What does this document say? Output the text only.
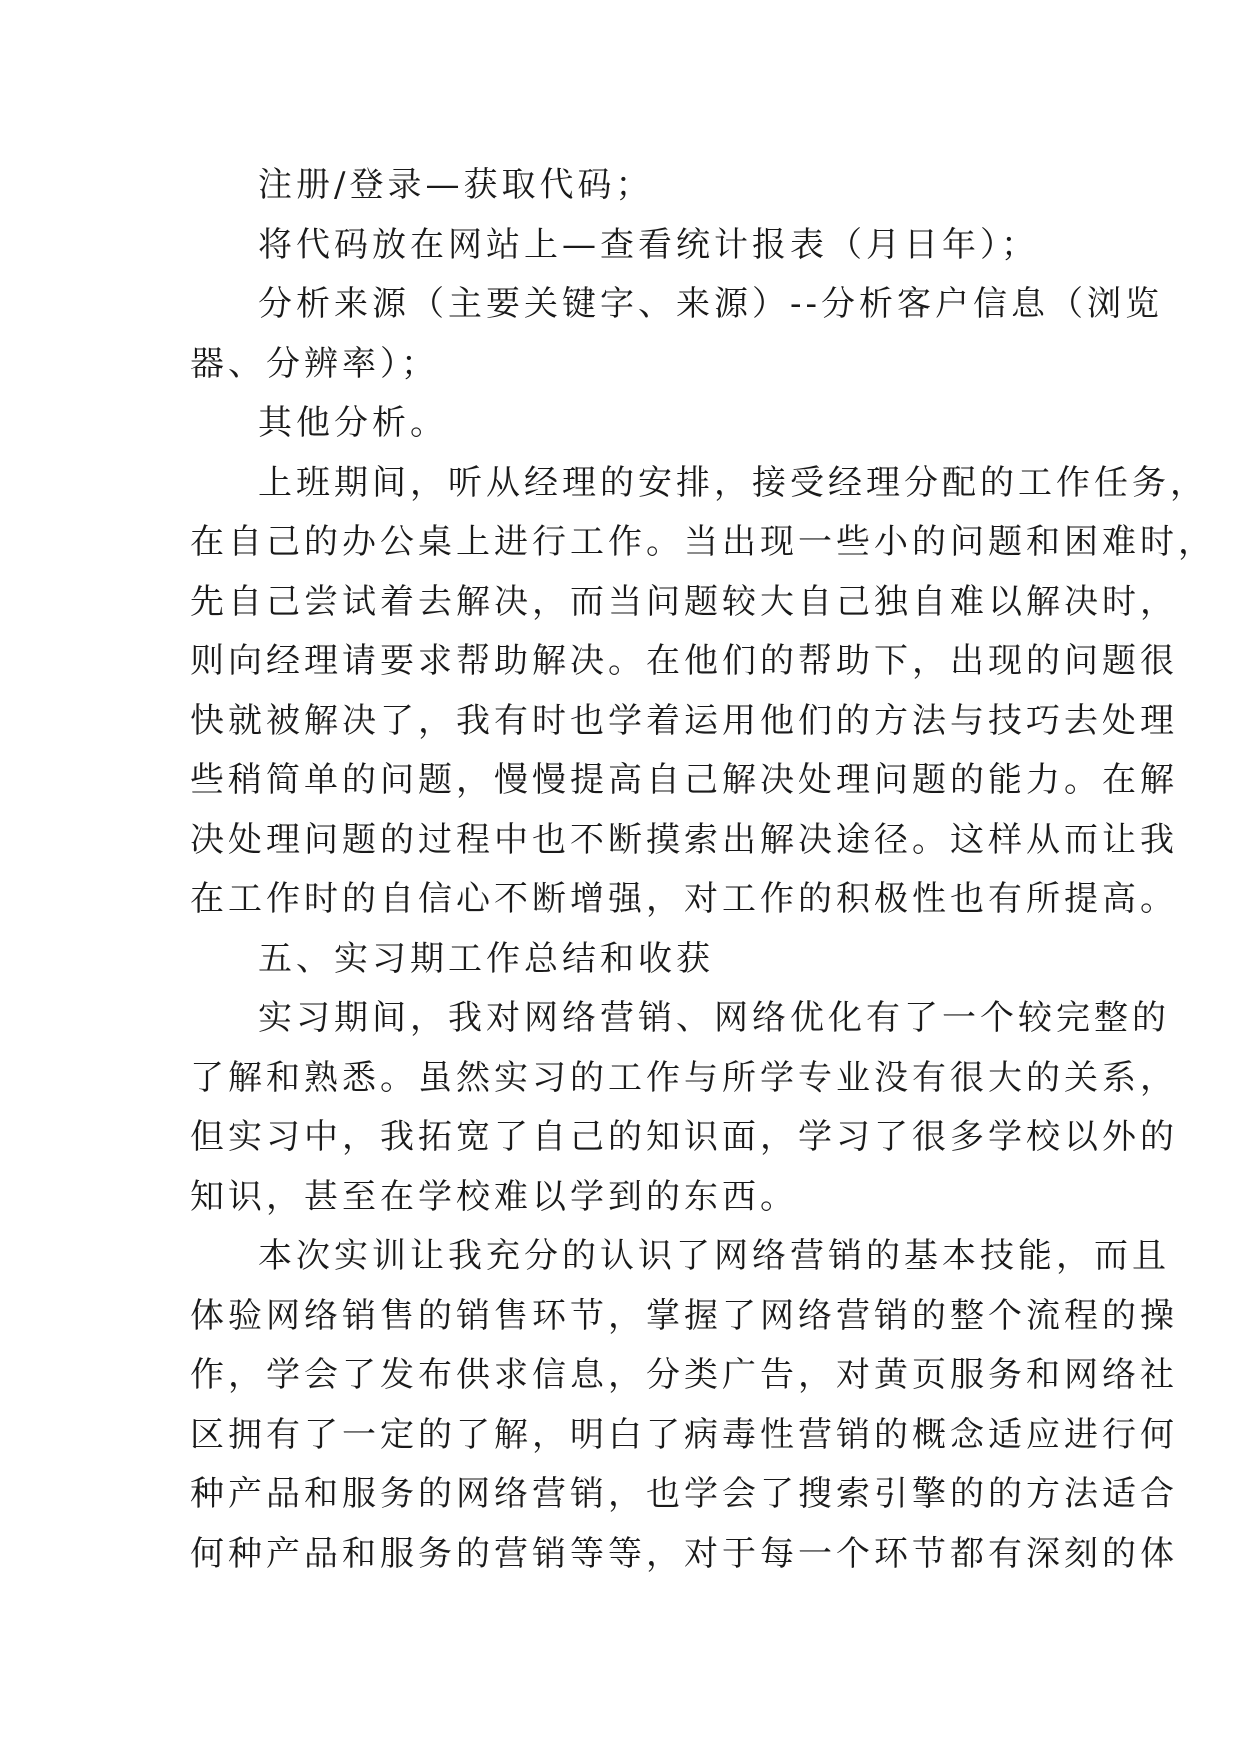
注册/登录—获取代码；
将代码放在网站上—查看统计报表（月日年）；
分析来源（主要关键字、来源）--分析客户信息（浏览
器、分辨率）；
其他分析。
上班期间，听从经理的安排，接受经理分配的工作任务，
在自己的办公桌上进行工作。当出现一些小的问题和困难时，
先自己尝试着去解决，而当问题较大自己独自难以解决时，
则向经理请要求帮助解决。在他们的帮助下，出现的问题很
快就被解决了，我有时也学着运用他们的方法与技巧去处理
些稍简单的问题，慢慢提高自己解决处理问题的能力。在解
决处理问题的过程中也不断摸索出解决途径。这样从而让我
在工作时的自信心不断增强，对工作的积极性也有所提高。
五、实习期工作总结和收获
实习期间，我对网络营销、网络优化有了一个较完整的
了解和熟悉。虽然实习的工作与所学专业没有很大的关系，
但实习中，我拓宽了自己的知识面，学习了很多学校以外的
知识，甚至在学校难以学到的东西。
本次实训让我充分的认识了网络营销的基本技能，而且
体验网络销售的销售环节，掌握了网络营销的整个流程的操
作，学会了发布供求信息，分类广告，对黄页服务和网络社
区拥有了一定的了解，明白了病毒性营销的概念适应进行何
种产品和服务的网络营销，也学会了搜索引擎的的方法适合
何种产品和服务的营销等等，对于每一个环节都有深刻的体
